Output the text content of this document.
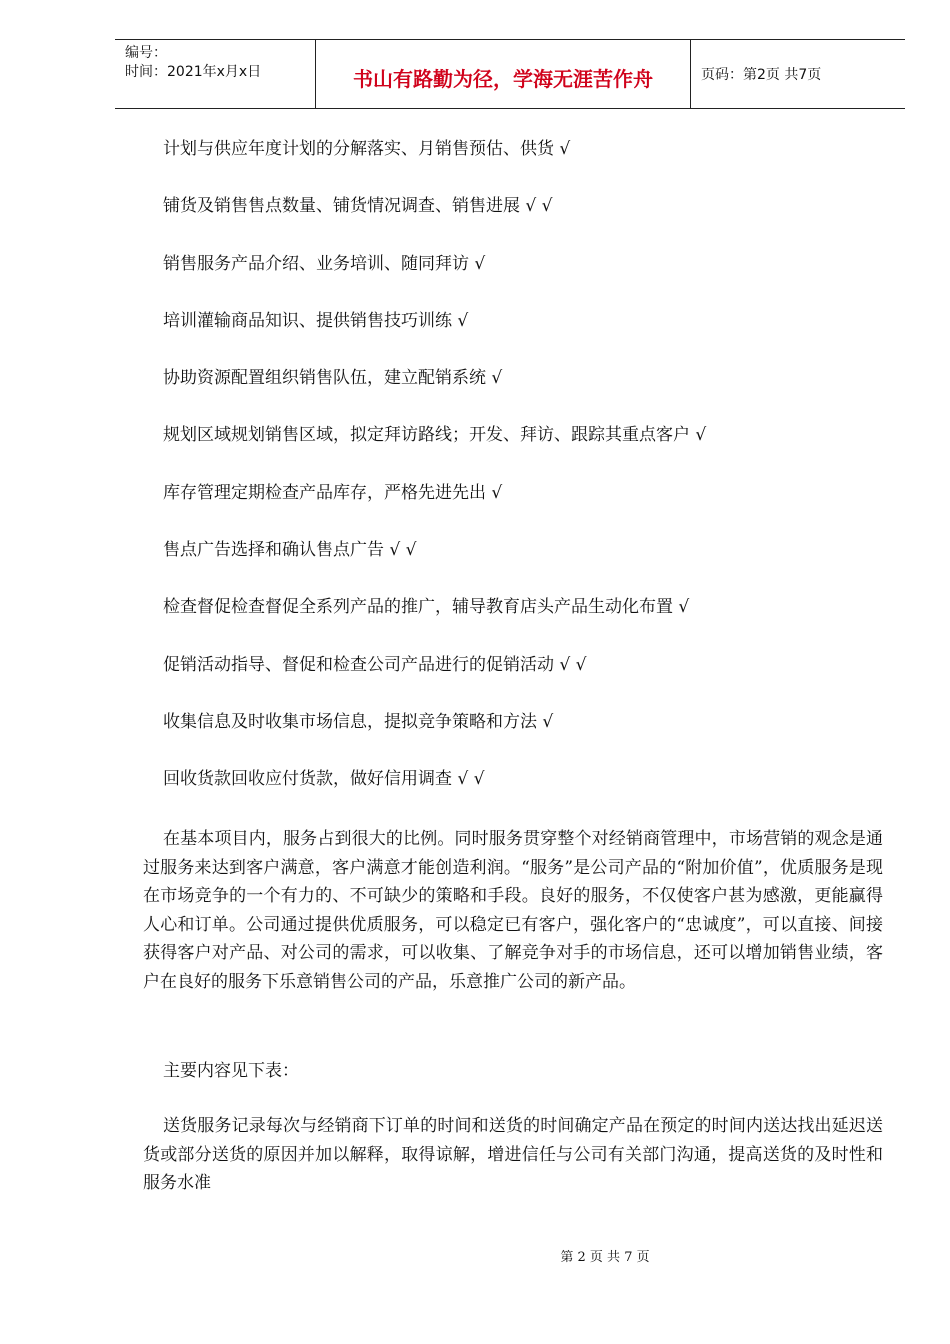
编号：
时间：2021年x月x日	书山有路勤为径，学海无涯苦作舟	页码：第2页 共7页
计划与供应年度计划的分解落实、月销售预估、供货 √
铺货及销售售点数量、铺货情况调查、销售进展 √ √
销售服务产品介绍、业务培训、随同拜访 √
培训灌输商品知识、提供销售技巧训练 √
协助资源配置组织销售队伍，建立配销系统 √
规划区域规划销售区域，拟定拜访路线；开发、拜访、跟踪其重点客户 √
库存管理定期检查产品库存，严格先进先出 √
售点广告选择和确认售点广告 √ √
检查督促检查督促全系列产品的推广，辅导教育店头产品生动化布置 √
促销活动指导、督促和检查公司产品进行的促销活动 √ √
收集信息及时收集市场信息，提拟竞争策略和方法 √
回收货款回收应付货款，做好信用调查 √ √

在基本项目内，服务占到很大的比例。同时服务贯穿整个对经销商管理中，市场营销的观念是通过服务来达到客户满意，客户满意才能创造利润。“服务”是公司产品的“附加价值”，优质服务是现在市场竞争的一个有力的、不可缺少的策略和手段。良好的服务，不仅使客户甚为感激，更能赢得人心和订单。公司通过提供优质服务，可以稳定已有客户，强化客户的“忠诚度”，可以直接、间接获得客户对产品、对公司的需求，可以收集、了解竞争对手的市场信息，还可以增加销售业绩，客户在良好的服务下乐意销售公司的产品，乐意推广公司的新产品。

主要内容见下表：

送货服务记录每次与经销商下订单的时间和送货的时间确定产品在预定的时间内送达找出延迟送货或部分送货的原因并加以解释，取得谅解，增进信任与公司有关部门沟通，提高送货的及时性和服务水准

第 2 页 共 7 页
